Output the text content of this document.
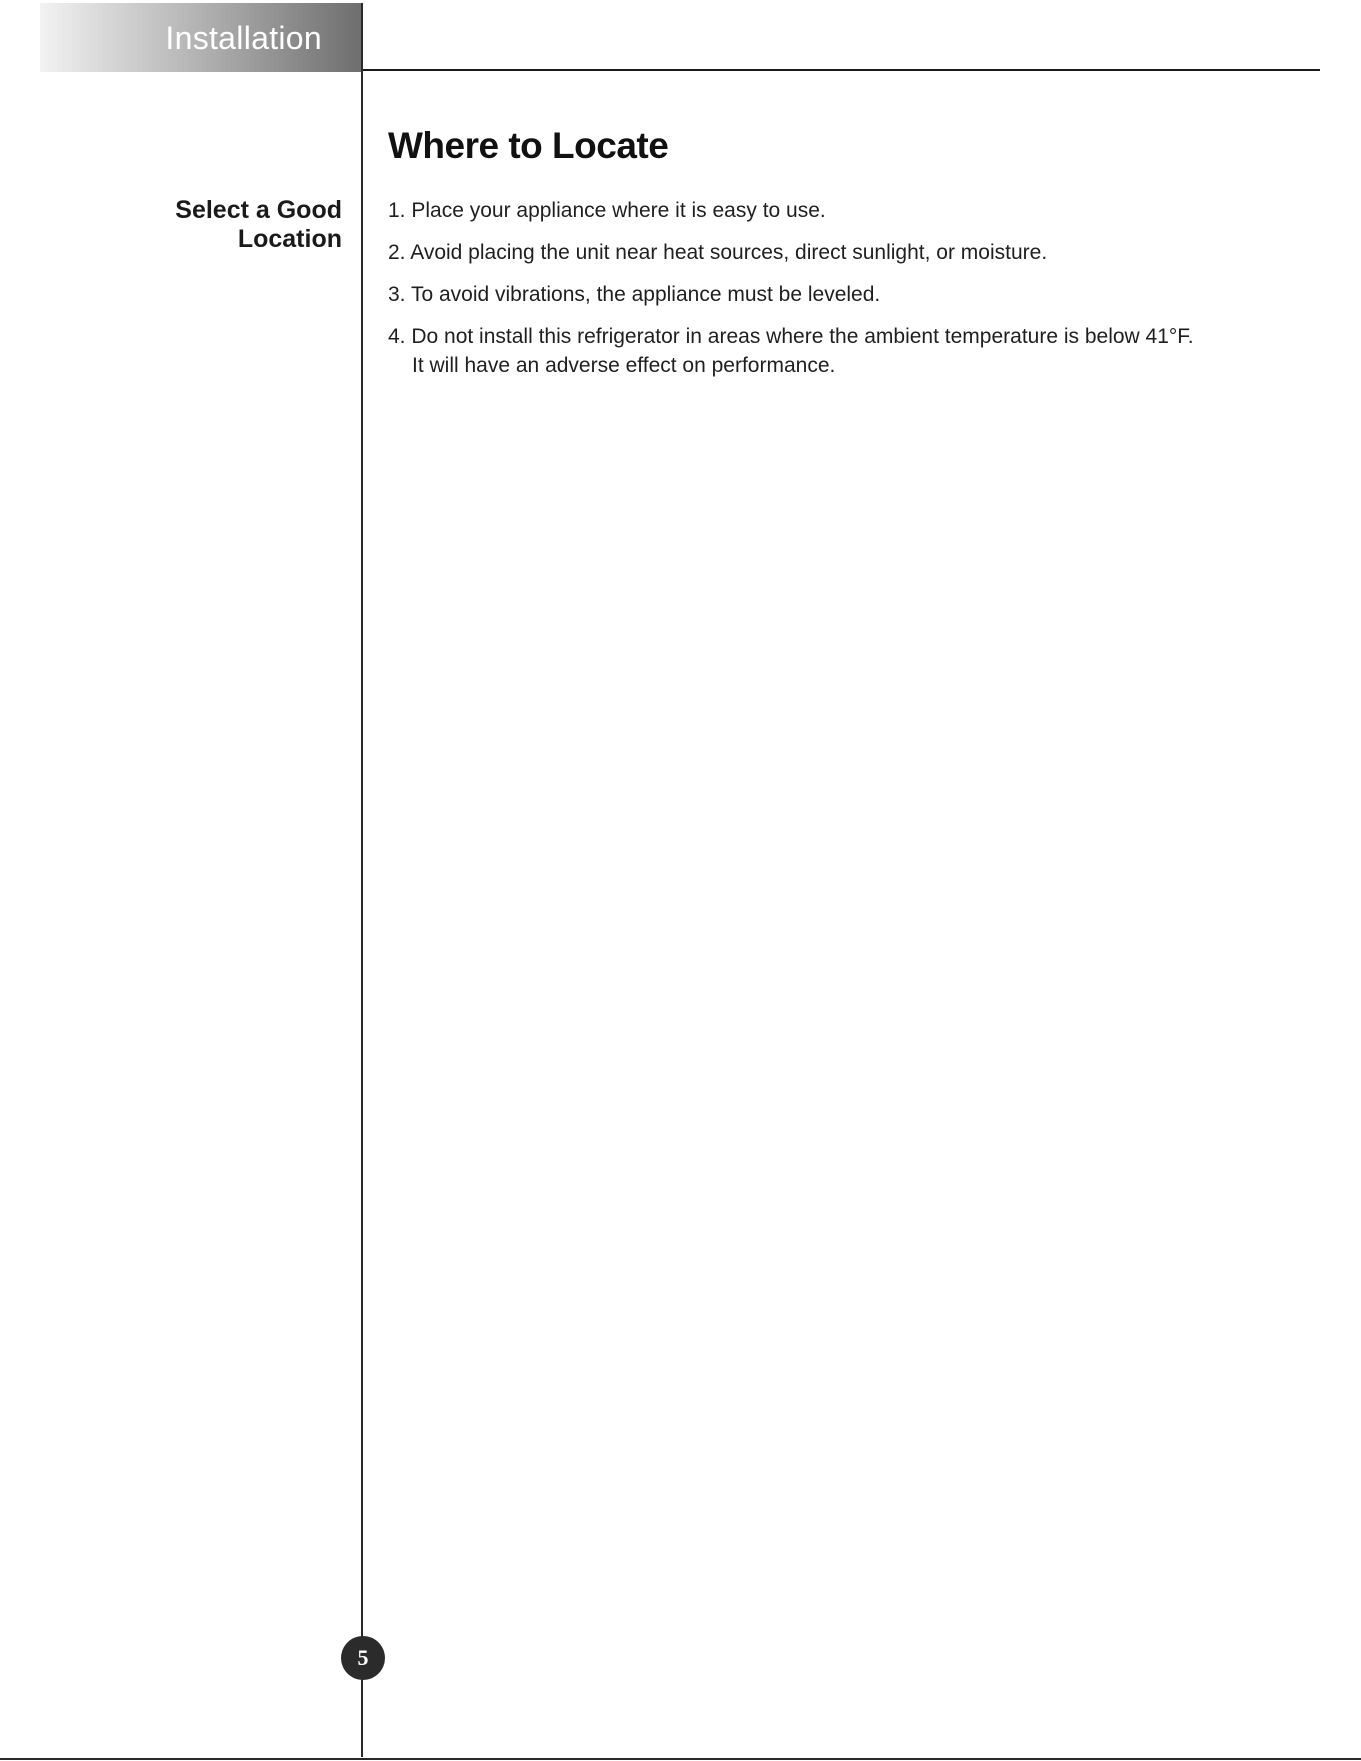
Installation
Select a Good
Location
Where to Locate
1. Place your appliance where it is easy to use.
2. Avoid placing the unit near heat sources, direct sunlight, or moisture.
3. To avoid vibrations, the appliance must be leveled.
4. Do not install this refrigerator in areas where the ambient temperature is below 41°F.
It will have an adverse effect on performance.
5
